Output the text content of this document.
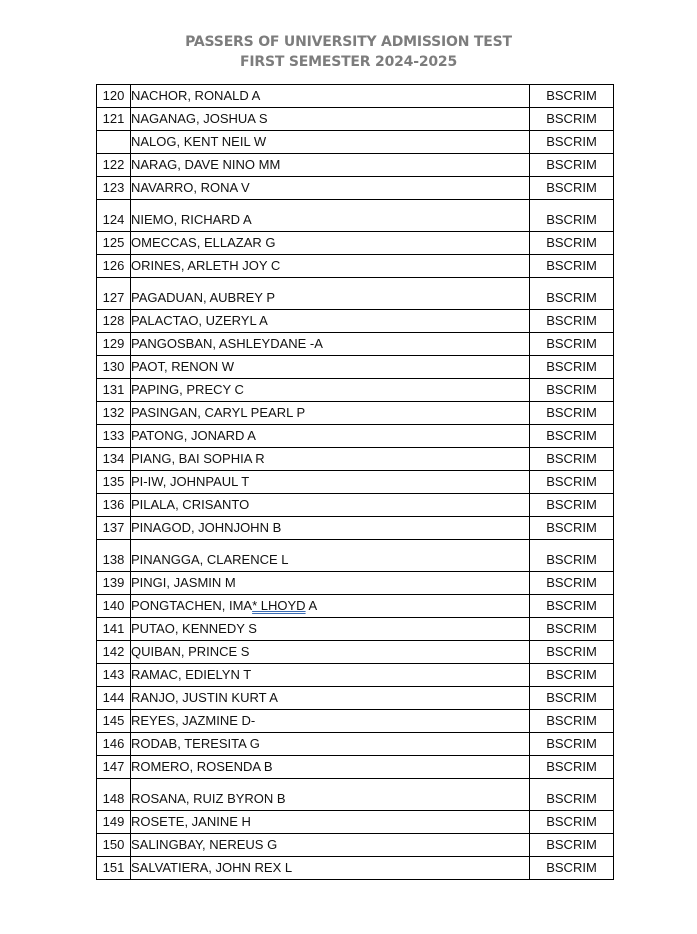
PASSERS OF UNIVERSITY ADMISSION TEST
FIRST SEMESTER 2024-2025
120	NACHOR, RONALD A	BSCRIM
121	NAGANAG, JOSHUA S	BSCRIM
	NALOG, KENT NEIL W	BSCRIM
122	NARAG, DAVE NINO MM	BSCRIM
123	NAVARRO, RONA V	BSCRIM
124	NIEMO, RICHARD A	BSCRIM
125	OMECCAS, ELLAZAR G	BSCRIM
126	ORINES, ARLETH JOY C	BSCRIM
127	PAGADUAN, AUBREY P	BSCRIM
128	PALACTAO, UZERYL A	BSCRIM
129	PANGOSBAN, ASHLEYDANE -A	BSCRIM
130	PAOT, RENON W	BSCRIM
131	PAPING, PRECY C	BSCRIM
132	PASINGAN, CARYL PEARL P	BSCRIM
133	PATONG, JONARD A	BSCRIM
134	PIANG, BAI SOPHIA R	BSCRIM
135	PI-IW, JOHNPAUL T	BSCRIM
136	PILALA, CRISANTO	BSCRIM
137	PINAGOD, JOHNJOHN B	BSCRIM
138	PINANGGA, CLARENCE L	BSCRIM
139	PINGI, JASMIN M	BSCRIM
140	PONGTACHEN, IMA* LHOYD A	BSCRIM
141	PUTAO, KENNEDY S	BSCRIM
142	QUIBAN, PRINCE S	BSCRIM
143	RAMAC, EDIELYN T	BSCRIM
144	RANJO, JUSTIN KURT A	BSCRIM
145	REYES, JAZMINE D-	BSCRIM
146	RODAB, TERESITA G	BSCRIM
147	ROMERO, ROSENDA B	BSCRIM
148	ROSANA, RUIZ BYRON B	BSCRIM
149	ROSETE, JANINE H	BSCRIM
150	SALINGBAY, NEREUS G	BSCRIM
151	SALVATIERA, JOHN REX L	BSCRIM
